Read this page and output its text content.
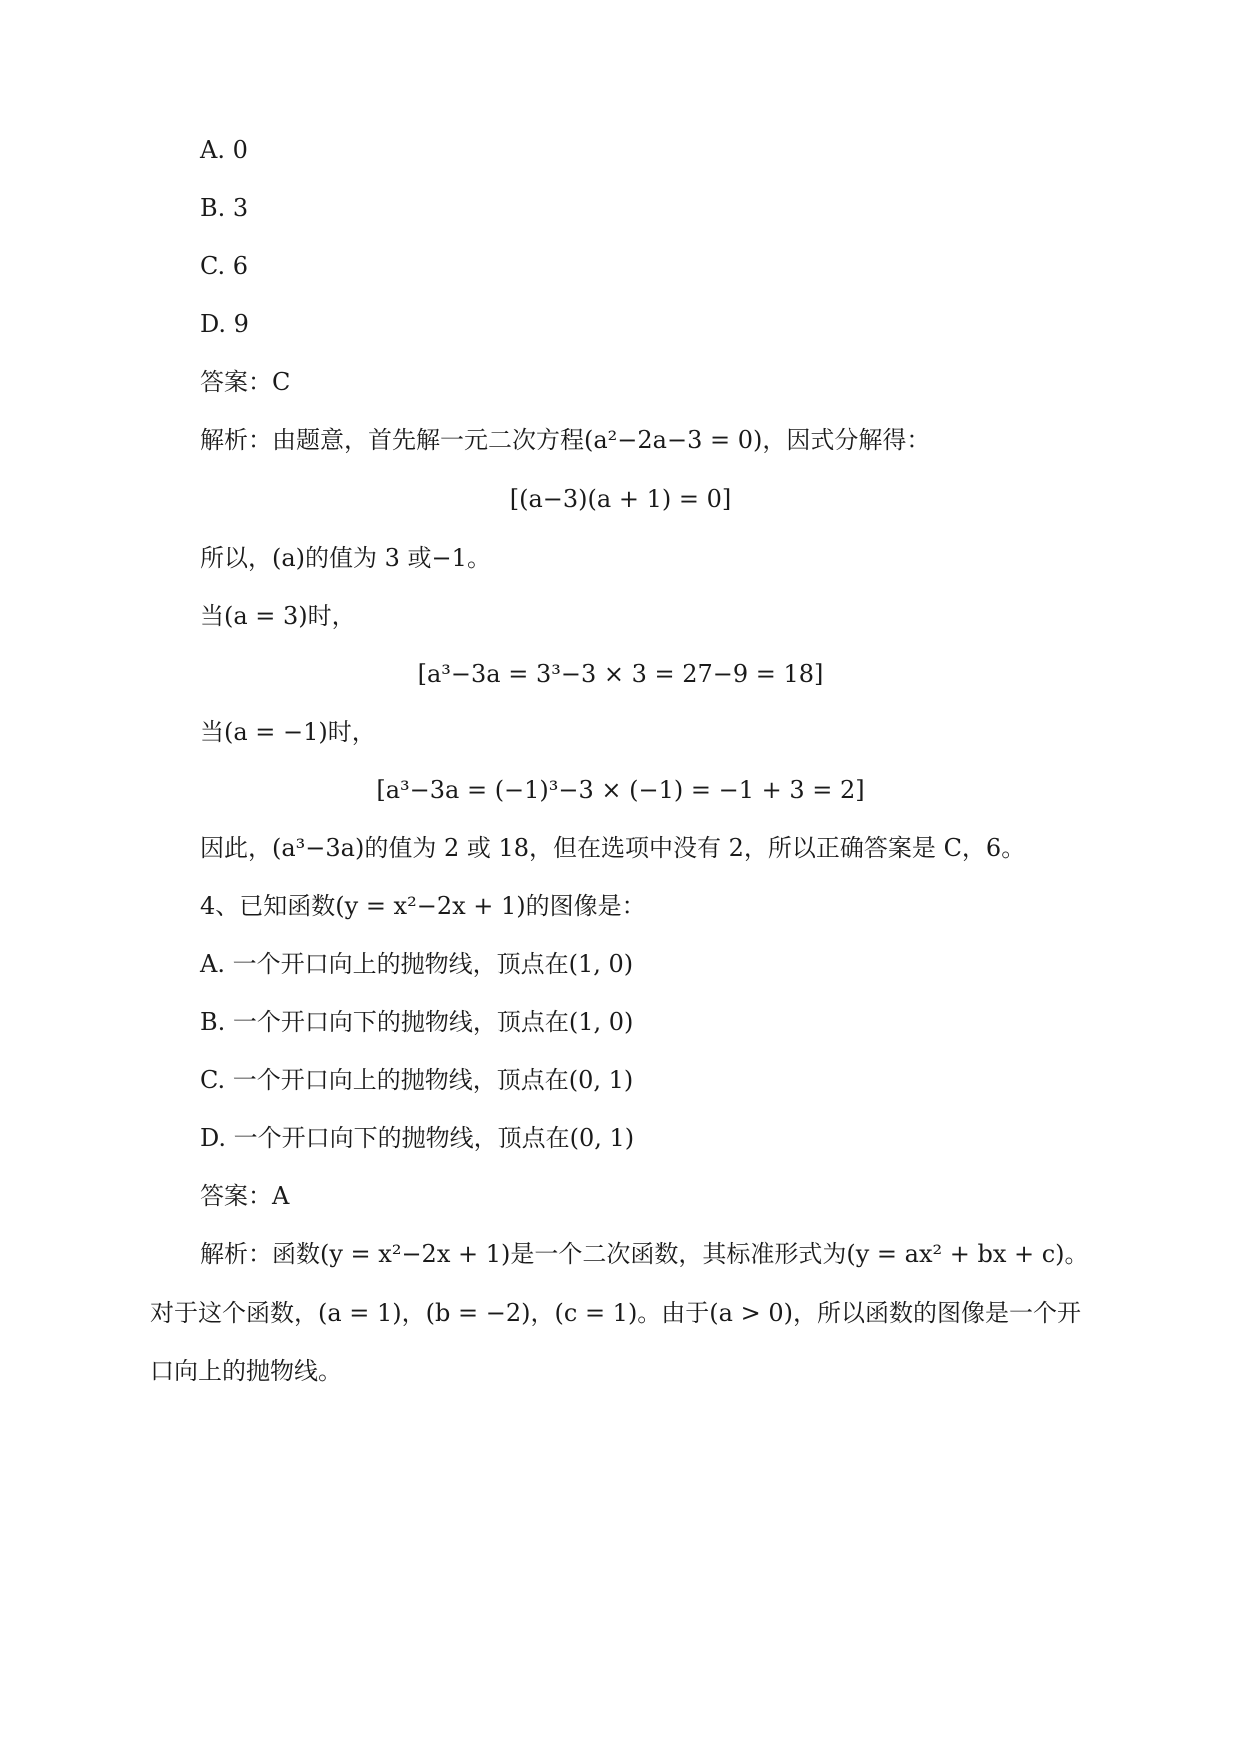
A. 0
B. 3
C. 6
D. 9
答案：C
解析：由题意，首先解一元二次方程(a²−2a−3 = 0)，因式分解得：
[(a−3)(a + 1) = 0]
所以，(a)的值为 3 或−1。
当(a = 3)时，
[a³−3a = 3³−3 × 3 = 27−9 = 18]
当(a = −1)时，
[a³−3a = (−1)³−3 × (−1) = −1 + 3 = 2]
因此，(a³−3a)的值为 2 或 18，但在选项中没有 2，所以正确答案是 C，6。
4、已知函数(y = x²−2x + 1)的图像是：
A. 一个开口向上的抛物线，顶点在(1, 0)
B. 一个开口向下的抛物线，顶点在(1, 0)
C. 一个开口向上的抛物线，顶点在(0, 1)
D. 一个开口向下的抛物线，顶点在(0, 1)
答案：A
解析：函数(y = x²−2x + 1)是一个二次函数，其标准形式为(y = ax² + bx + c)。
对于这个函数，(a = 1)，(b = −2)，(c = 1)。由于(a > 0)，所以函数的图像是一个开
口向上的抛物线。
